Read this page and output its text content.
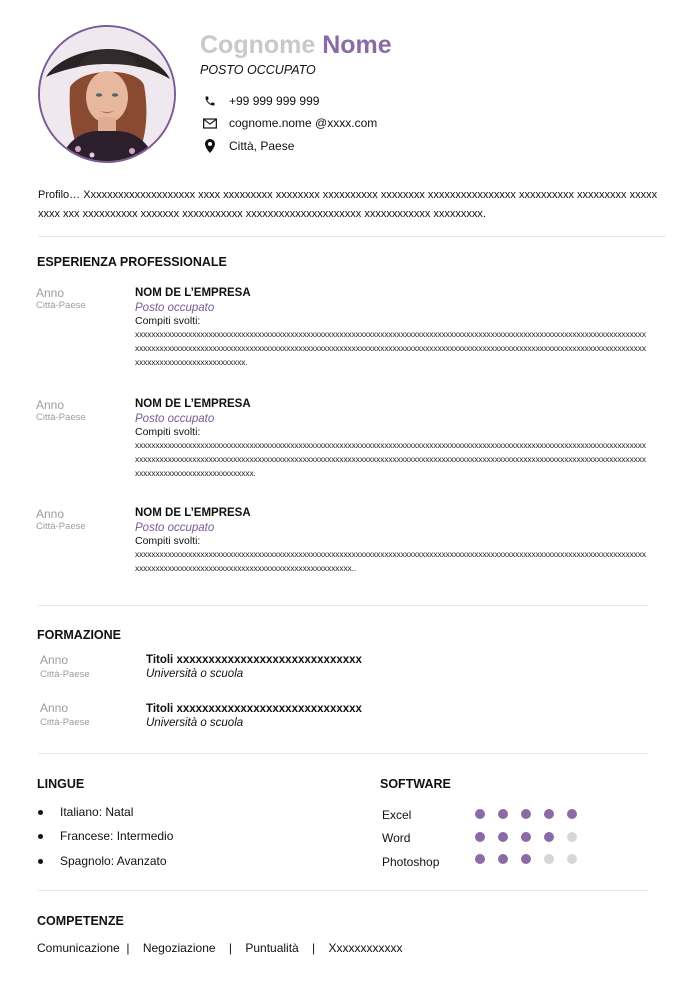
Cognome Nome
POSTO OCCUPATO
+99 999 999 999
cognome.nome @xxxx.com
Città, Paese
Profilo… Xxxxxxxxxxxxxxxxxxxx xxxx xxxxxxxxx xxxxxxxx xxxxxxxxxx xxxxxxxx xxxxxxxxxxxxxxxx xxxxxxxxxx xxxxxxxxx xxxxxxxxx xxx xxxxxxxxxx xxxxxxx xxxxxxxxxxx xxxxxxxxxxxxxxxxxxxxx xxxxxxxxxxxx xxxxxxxxx.
ESPERIENZA PROFESSIONALE
Anno
Città-Paese
NOM DE L’EMPRESA
Posto occupato
Compiti svolti:
xxxxxxxxxxxxxxxxxxxxxxxxxxxxxxxxxxxxxxxxxxxxxxxxxxxxxxxxxxxxxxxxxxxxxxxxxxxxxxxxxxxxxxxxxxxxxxxxxxxxxxxxxxxxxxxxxxxxxxxxxxxxxxxxxxxxxxxxxxxxxxxxxxxxxxxxxxxxxxxxxxxxxxxxxxxxxxxxxxxxxxxxxxxxxxxxxxxxxxxxxxxxxxxxxxxxxxxxxxxxxxxxxxxxxxxxxxxxxxxxxxxxxxxxxxxxxxxxxxxxxxxxxxxxxxxxxxxxx.
Anno
Città-Paese
NOM DE L’EMPRESA
Posto occupato
Compiti svolti:
xxxxxxxxxxxxxxxxxxxxxxxxxxxxxxxxxxxxxxxxxxxxxxxxxxxxxxxxxxxxxxxxxxxxxxxxxxxxxxxxxxxxxxxxxxxxxxxxxxxxxxxxxxxxxxxxxxxxxxxxxxxxxxxxxxxxxxxxxxxxxxxxxxxxxxxxxxxxxxxxxxxxxxxxxxxxxxxxxxxxxxxxxxxxxxxxxxxxxxxxxxxxxxxxxxxxxxxxxxxxxxxxxxxxxxxxxxxxxxxxxxxxxxxxxxxxxxxxxxxxxxxxxxxxxxxxxxxxxxx.
Anno
Città-Paese
NOM DE L’EMPRESA
Posto occupato
Compiti svolti:
xxxxxxxxxxxxxxxxxxxxxxxxxxxxxxxxxxxxxxxxxxxxxxxxxxxxxxxxxxxxxxxxxxxxxxxxxxxxxxxxxxxxxxxxxxxxxxxxxxxxxxxxxxxxxxxxxxxxxxxxxxxxxxxxxxxxxxxxxxxxxxxxxxxxxxxxxxxxxxxxxxxxxxxxxxxxxxxxxx..
FORMAZIONE
Anno
Città-Paese
Titoli xxxxxxxxxxxxxxxxxxxxxxxxxxxxx
Università o scuola
Anno
Città-Paese
Titoli xxxxxxxxxxxxxxxxxxxxxxxxxxxxx
Università o scuola
LINGUE
Italiano: Natal
Francese: Intermedio
Spagnolo: Avanzato
SOFTWARE
Excel
Word
Photoshop
COMPETENZE
Comunicazione  |    Negoziazione    |    Puntualità    |    Xxxxxxxxxxxx
